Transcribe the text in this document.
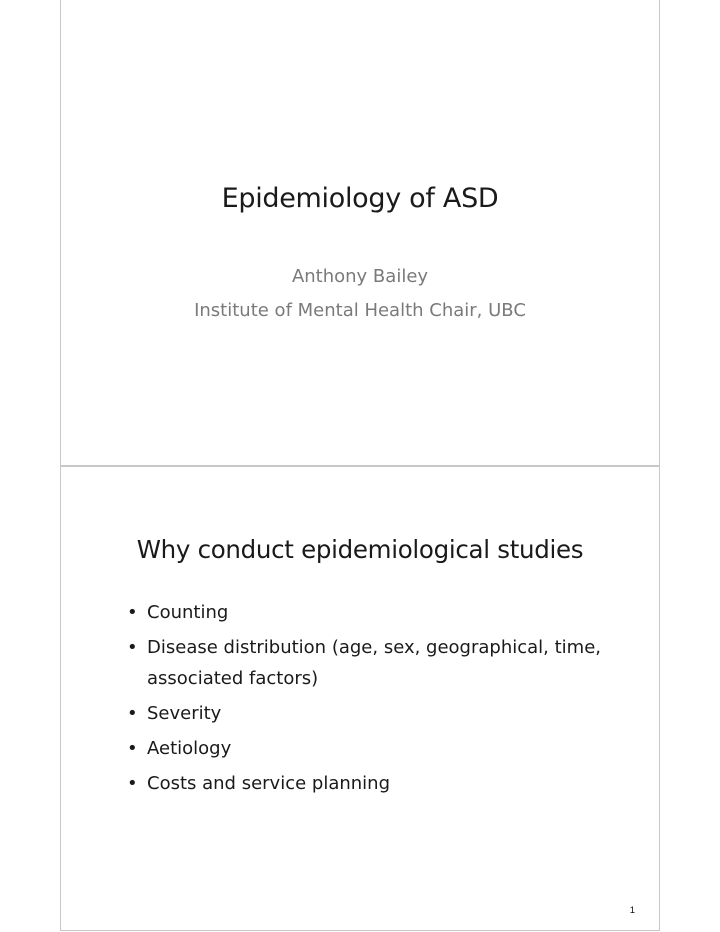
Epidemiology of ASD
Anthony Bailey
Institute of Mental Health Chair, UBC
Why conduct epidemiological studies
• Counting
• Disease distribution (age, sex, geographical, time, associated factors)
• Severity
• Aetiology
• Costs and service planning
1
